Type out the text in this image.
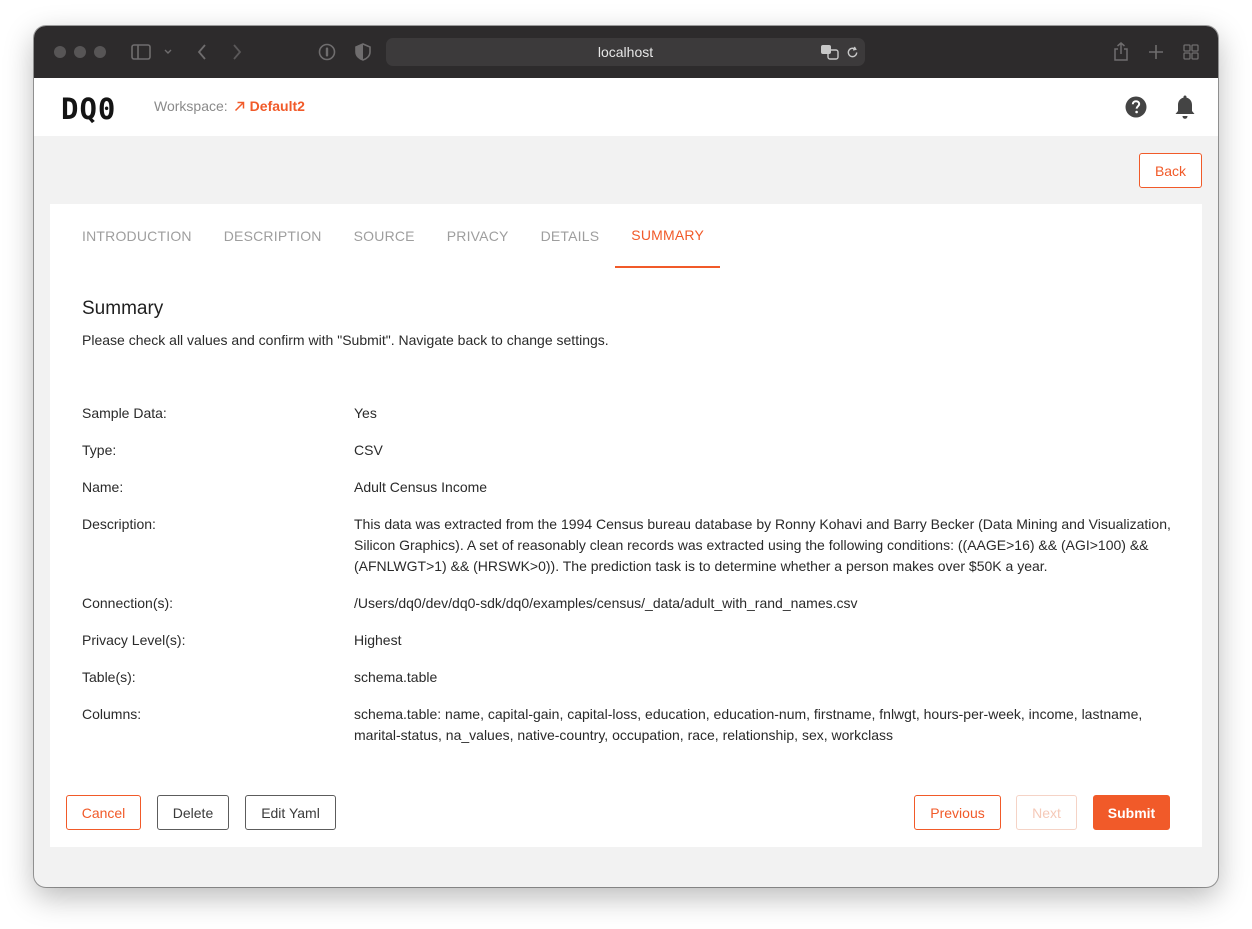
localhost
DQ0	Workspace: Default2
Back
INTRODUCTION	DESCRIPTION	SOURCE	PRIVACY	DETAILS	SUMMARY
Summary
Please check all values and confirm with "Submit". Navigate back to change settings.
Sample Data:	Yes
Type:	CSV
Name:	Adult Census Income
Description:	This data was extracted from the 1994 Census bureau database by Ronny Kohavi and Barry Becker (Data Mining and Visualization, Silicon Graphics). A set of reasonably clean records was extracted using the following conditions: ((AAGE>16) && (AGI>100) && (AFNLWGT>1) && (HRSWK>0)). The prediction task is to determine whether a person makes over $50K a year.
Connection(s):	/Users/dq0/dev/dq0-sdk/dq0/examples/census/_data/adult_with_rand_names.csv
Privacy Level(s):	Highest
Table(s):	schema.table
Columns:	schema.table: name, capital-gain, capital-loss, education, education-num, firstname, fnlwgt, hours-per-week, income, lastname, marital-status, na_values, native-country, occupation, race, relationship, sex, workclass
Cancel	Delete	Edit Yaml	Previous	Next	Submit
